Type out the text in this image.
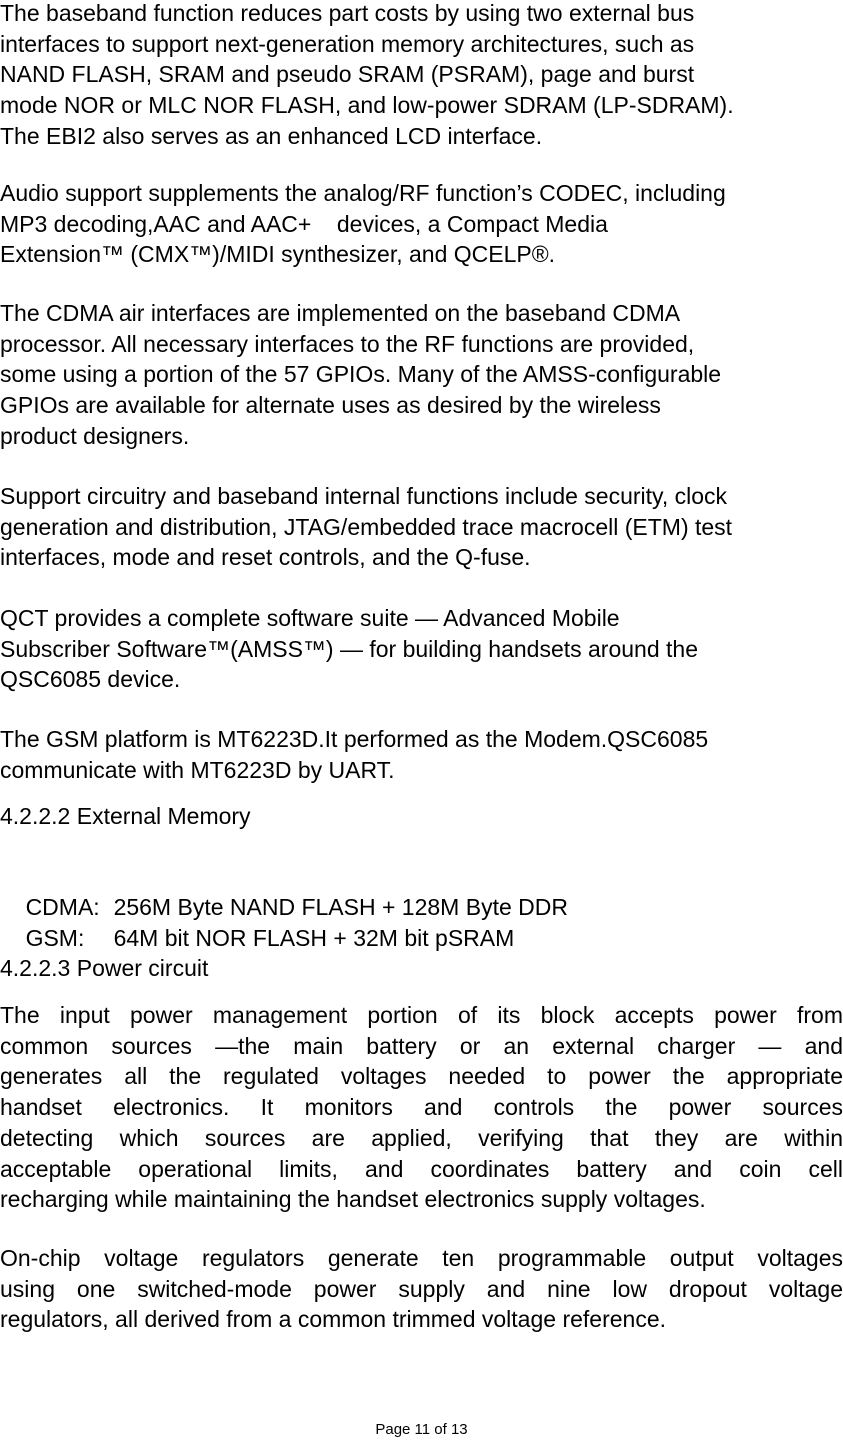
The baseband function reduces part costs by using two external bus
interfaces to support next-generation memory architectures, such as
NAND FLASH, SRAM and pseudo SRAM (PSRAM), page and burst
mode NOR or MLC NOR FLASH, and low-power SDRAM (LP-SDRAM).
The EBI2 also serves as an enhanced LCD interface.
Audio support supplements the analog/RF function’s CODEC, including
MP3 decoding,AAC and AAC+    devices, a Compact Media
Extension™ (CMX™)/MIDI synthesizer, and QCELP®.
The CDMA air interfaces are implemented on the baseband CDMA
processor. All necessary interfaces to the RF functions are provided,
some using a portion of the 57 GPIOs. Many of the AMSS-configurable
GPIOs are available for alternate uses as desired by the wireless
product designers.
Support circuitry and baseband internal functions include security, clock
generation and distribution, JTAG/embedded trace macrocell (ETM) test
interfaces, mode and reset controls, and the Q-fuse.
QCT provides a complete software suite — Advanced Mobile
Subscriber Software™(AMSS™) — for building handsets around the
QSC6085 device.
The GSM platform is MT6223D.It performed as the Modem.QSC6085
communicate with MT6223D by UART.
4.2.2.2 External Memory

CDMA: 256M Byte NAND FLASH + 128M Byte DDR

GSM: 64M bit NOR FLASH + 32M bit pSRAM

4.2.2.3 Power circuit
The input power management portion of its block accepts power from
common sources —the main battery or an external charger — and
generates all the regulated voltages needed to power the appropriate
handset electronics. It monitors and controls the power sources
detecting which sources are applied, verifying that they are within
acceptable operational limits, and coordinates battery and coin cell
recharging while maintaining the handset electronics supply voltages.
On-chip voltage regulators generate ten programmable output voltages
using one switched-mode power supply and nine low dropout voltage
regulators, all derived from a common trimmed voltage reference.
Page 11 of 13
